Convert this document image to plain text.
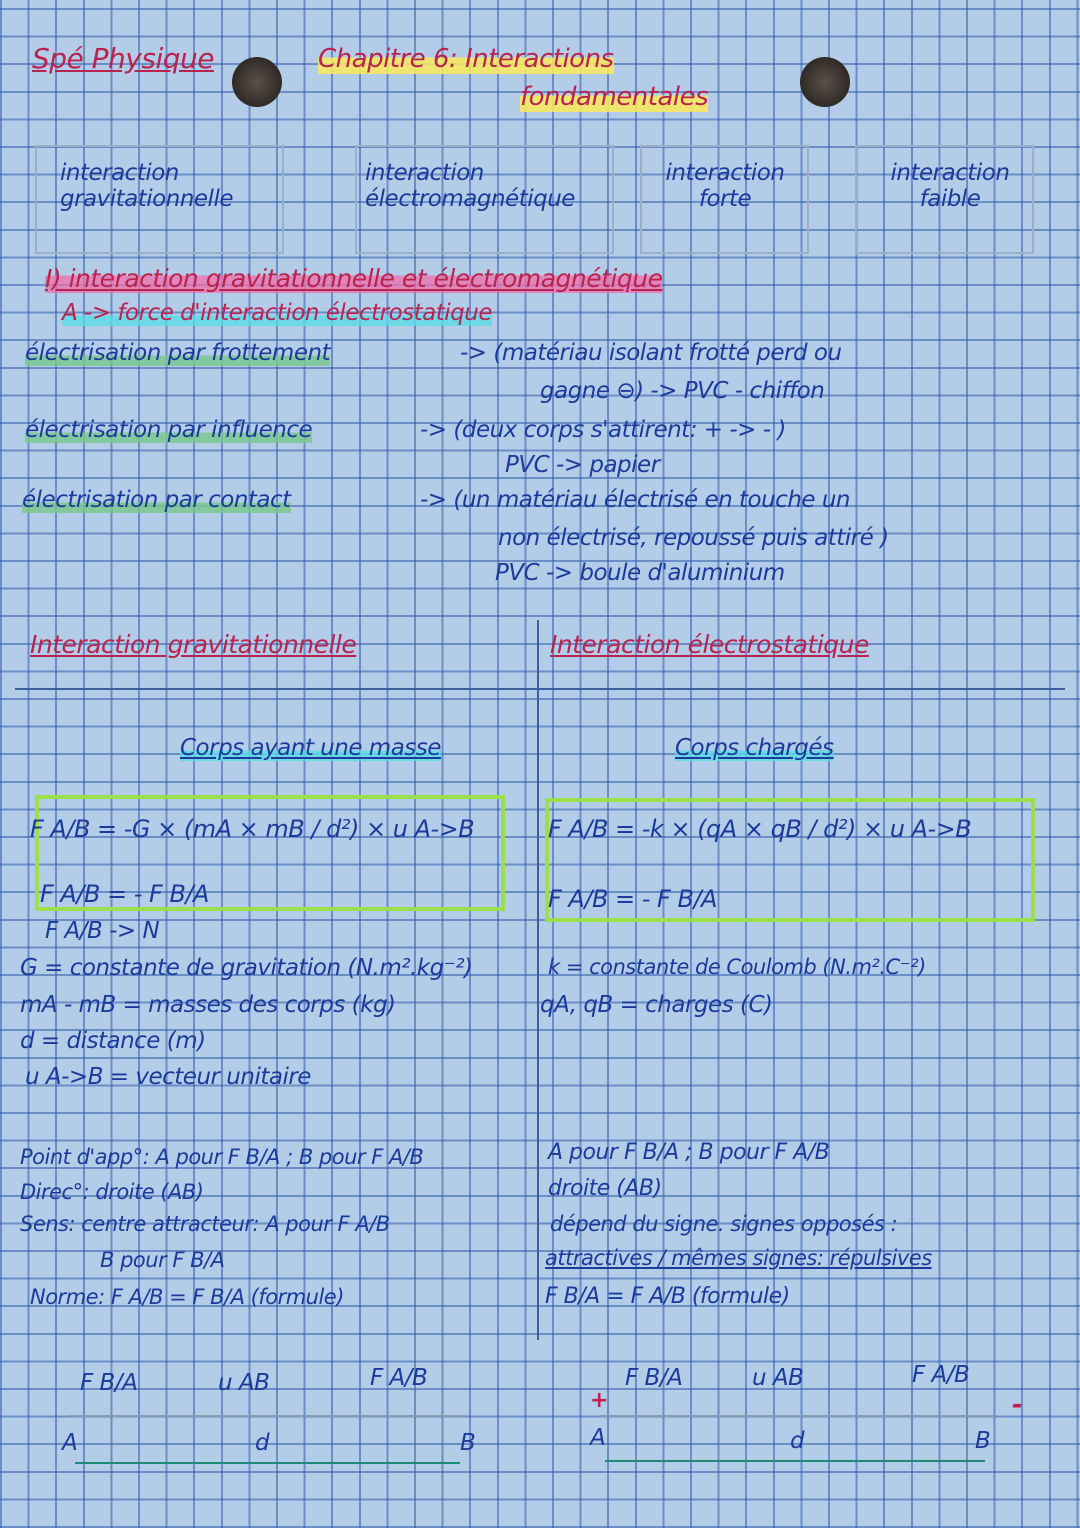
Spé Physique	Chapitre 6: Interactions
fondamentales
interaction gravitationnelle
interaction électromagnétique
interaction forte
interaction faible
I) interaction gravitationnelle et électromagnétique
A -> force d'interaction électrostatique
électrisation par frottement	-> (matériau isolant frotté perd ou
gagne ⊖) -> PVC - chiffon
électrisation par influence	-> (deux corps s'attirent: + -> - )
PVC -> papier
électrisation par contact	-> (un matériau électrisé en touche un
non électrisé, repoussé puis attiré )
PVC -> boule d'aluminium
Interaction gravitationnelle	Interaction électrostatique
Corps ayant une masse	Corps chargés
F A/B = -G × (mA × mB / d²) × u A->B
F A/B = - F B/A
F A/B -> N
F A/B = -k × (qA × qB / d²) × u A->B
F A/B = - F B/A
G = constante de gravitation (N.m².kg⁻²)
mA - mB = masses des corps (kg)
d = distance (m)
u A->B = vecteur unitaire
k = constante de Coulomb (N.m².C⁻²)
qA, qB = charges (C)
Point d'app°: A pour F B/A ; B pour F A/B
Direc°: droite (AB)
Sens: centre attracteur: A pour F A/B
B pour F B/A
Norme: F A/B = F B/A (formule)
A pour F B/A ; B pour F A/B
droite (AB)
dépend du signe. signes opposés :
attractives / mêmes signes: répulsives
F B/A = F A/B (formule)
F B/A	u AB	F A/B
A	d	B
F B/A	u AB	F A/B
+	-
A	d	B
